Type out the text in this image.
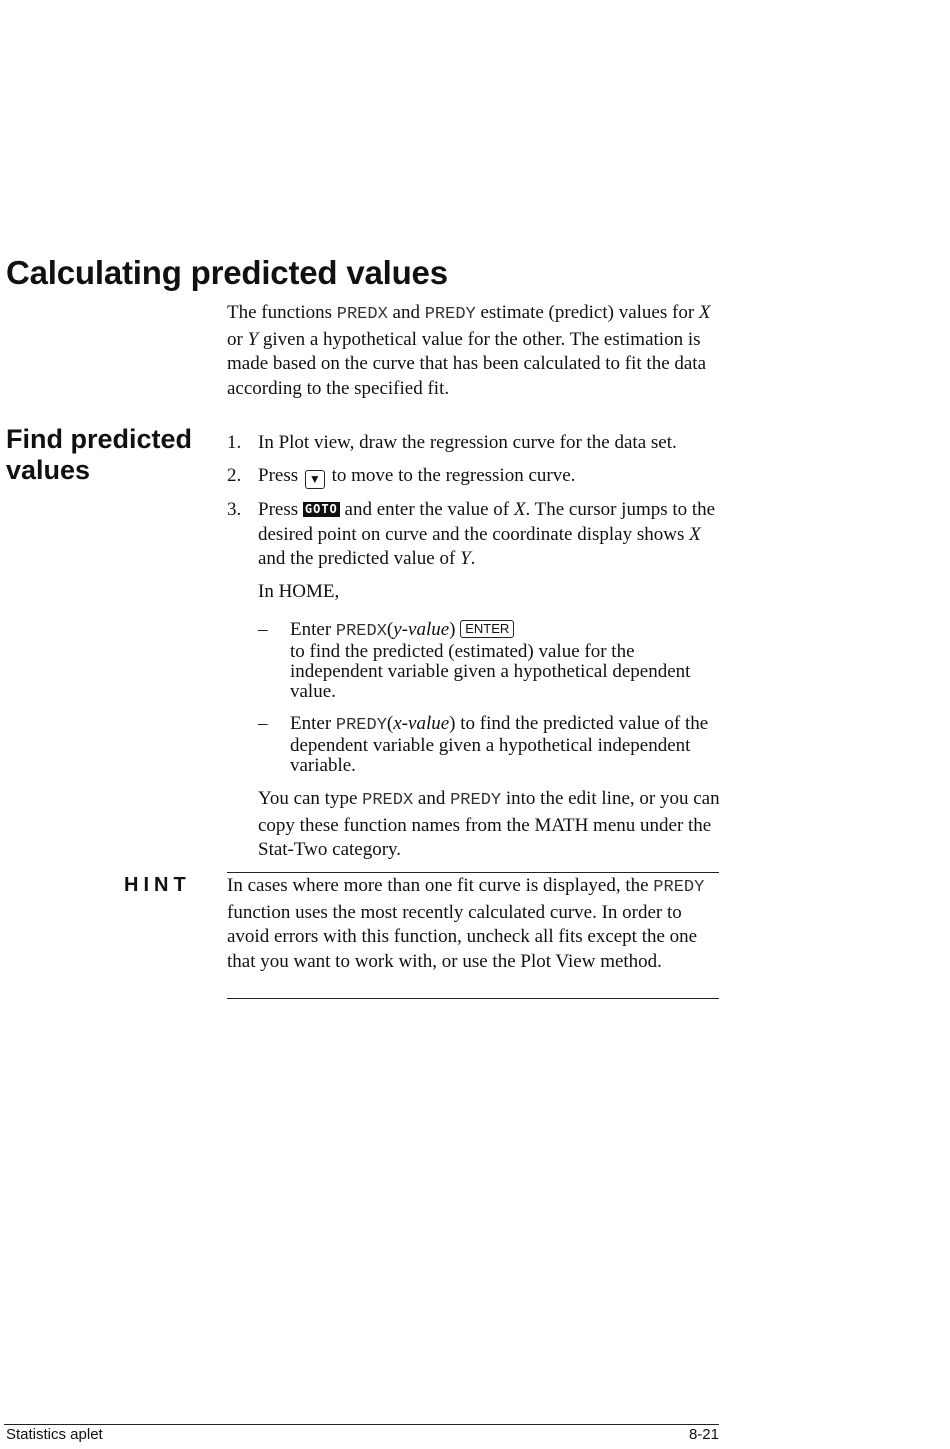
Calculating predicted values

The functions PREDX and PREDY estimate (predict) values for X or Y given a hypothetical value for the other. The estimation is made based on the curve that has been calculated to fit the data according to the specified fit.

Find predicted values
1. In Plot view, draw the regression curve for the data set.
2. Press ▼ to move to the regression curve.
3. Press GOTO and enter the value of X. The cursor jumps to the desired point on curve and the coordinate display shows X and the predicted value of Y.

In HOME,

– Enter PREDX(y-value) ENTER
to find the predicted (estimated) value for the independent variable given a hypothetical dependent value.
– Enter PREDY(x-value) to find the predicted value of the dependent variable given a hypothetical independent variable.

You can type PREDX and PREDY into the edit line, or you can copy these function names from the MATH menu under the Stat-Two category.

HINT In cases where more than one fit curve is displayed, the PREDY function uses the most recently calculated curve. In order to avoid errors with this function, uncheck all fits except the one that you want to work with, or use the Plot View method.

Statistics aplet	8-21
